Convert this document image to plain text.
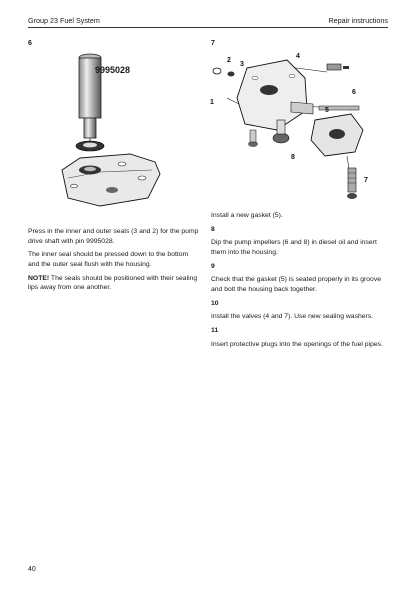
Group 23 Fuel System	Repair instructions
6
9995028
Press in the inner and outer seals (3 and 2) for the pump drive shaft with pin 9995028.
The inner seal should be pressed down to the bottom and the outer seal flush with the housing.
NOTE! The seals should be positioned with their sealing lips away from one another.
7
2
3
4
6
1
5
8
7
Install a new gasket (5).
8
Dip the pump impellers (6 and 8) in diesel oil and insert them into the housing.
9
Check that the gasket (5) is seated properly in its groove and bolt the housing back together.
10
Install the valves (4 and 7). Use new sealing washers.
11
Insert protective plugs into the openings of the fuel pipes.
40
